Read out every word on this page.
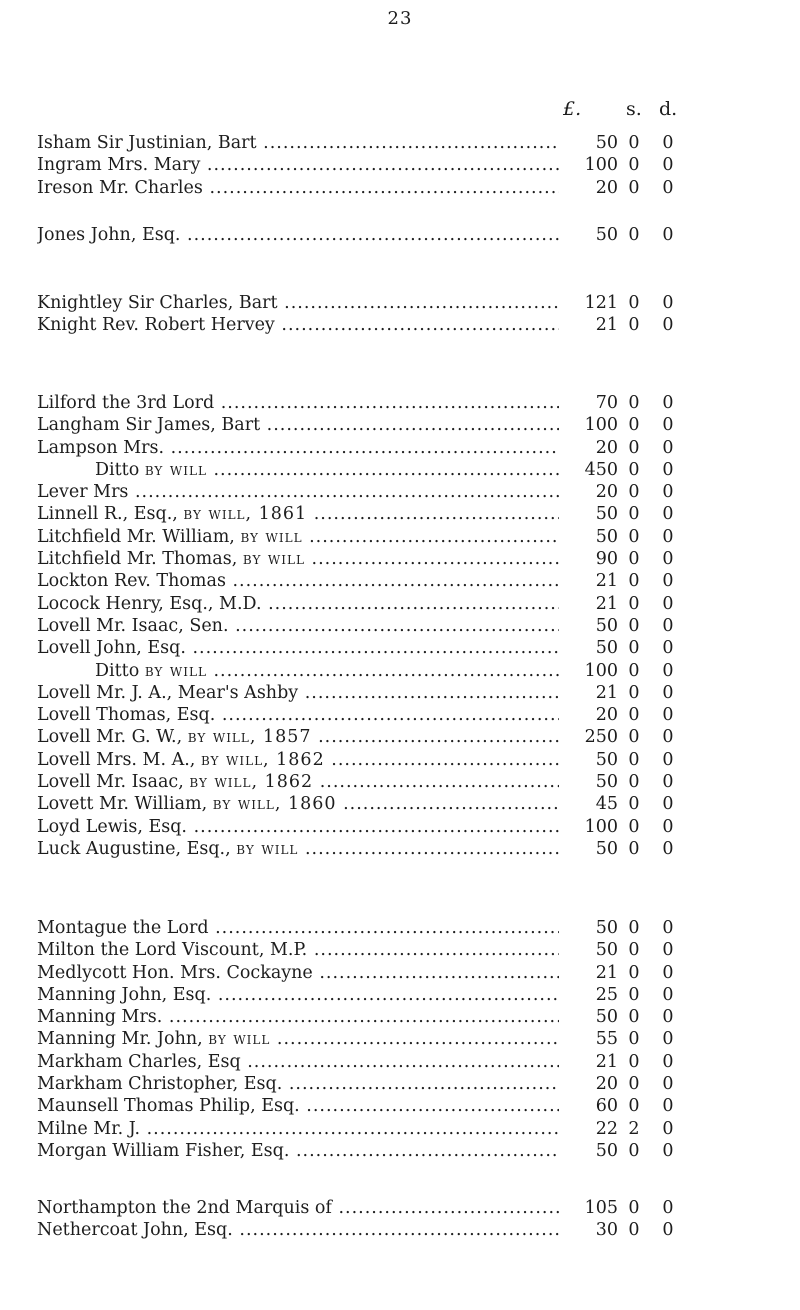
23
£. s. d.
Isham Sir Justinian, Bart .....	50 0 0
Ingram Mrs. Mary .....	100 0 0
Ireson Mr. Charles .....	20 0 0
Jones John, Esq. .....	50 0 0
Knightley Sir Charles, Bart .....	121 0 0
Knight Rev. Robert Hervey .....	21 0 0
Lilford the 3rd Lord .....	70 0 0
Langham Sir James, Bart .....	100 0 0
Lampson Mrs. .....	20 0 0
Ditto by will .....	450 0 0
Lever Mrs .....	20 0 0
Linnell R., Esq., by will, 1861 .....	50 0 0
Litchfield Mr. William, by will .....	50 0 0
Litchfield Mr. Thomas, by will .....	90 0 0
Lockton Rev. Thomas .....	21 0 0
Locock Henry, Esq., M.D. .....	21 0 0
Lovell Mr. Isaac, Sen. .....	50 0 0
Lovell John, Esq. .....	50 0 0
Ditto by will .....	100 0 0
Lovell Mr. J. A., Mear's Ashby .....	21 0 0
Lovell Thomas, Esq. .....	20 0 0
Lovell Mr. G. W., by will, 1857 .....	250 0 0
Lovell Mrs. M. A., by will, 1862 .....	50 0 0
Lovell Mr. Isaac, by will, 1862 .....	50 0 0
Lovett Mr. William, by will, 1860 .....	45 0 0
Loyd Lewis, Esq. .....	100 0 0
Luck Augustine, Esq., by will .....	50 0 0
Montague the Lord .....	50 0 0
Milton the Lord Viscount, M.P. .....	50 0 0
Medlycott Hon. Mrs. Cockayne .....	21 0 0
Manning John, Esq. .....	25 0 0
Manning Mrs. .....	50 0 0
Manning Mr. John, by will .....	55 0 0
Markham Charles, Esq .....	21 0 0
Markham Christopher, Esq. .....	20 0 0
Maunsell Thomas Philip, Esq. .....	60 0 0
Milne Mr. J. .....	22 2 0
Morgan William Fisher, Esq. .....	50 0 0
Northampton the 2nd Marquis of .....	105 0 0
Nethercoat John, Esq. .....	30 0 0
